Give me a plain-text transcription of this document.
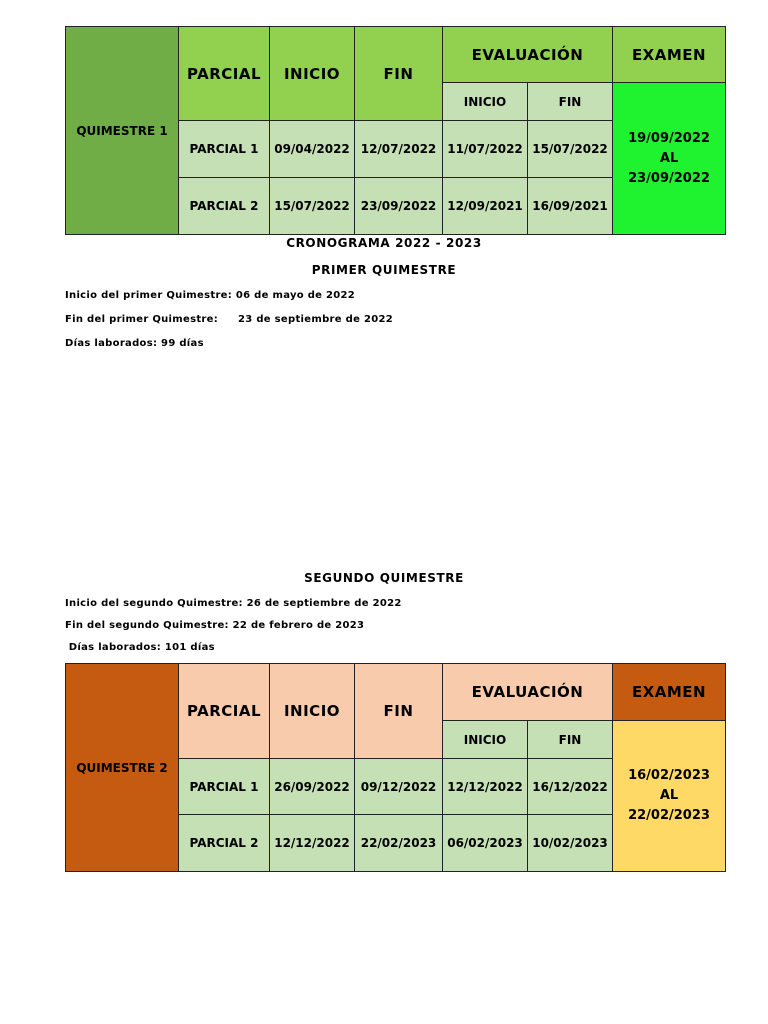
QUIMESTRE 1	PARCIAL	INICIO	FIN	EVALUACIÓN		EXAMEN
				INICIO	FIN	19/09/2022
AL
23/09/2022

	PARCIAL 1	09/04/2022	12/07/2022	11/07/2022	15/07/2022	
	PARCIAL 2	15/07/2022	23/09/2022	12/09/2021	16/09/2021	
CRONOGRAMA 2022 - 2023
PRIMER QUIMESTRE
Inicio del primer Quimestre: 06 de mayo de 2022
Fin del primer Quimestre: 23 de septiembre de 2022
Días laborados: 99 días
SEGUNDO QUIMESTRE
Inicio del segundo Quimestre: 26 de septiembre de 2022
Fin del segundo Quimestre: 22 de febrero de 2023
Días laborados: 101 días
QUIMESTRE 2	PARCIAL	INICIO	FIN	EVALUACIÓN		EXAMEN
				INICIO	FIN	16/02/2023
AL
22/02/2023

	PARCIAL 1	26/09/2022	09/12/2022	12/12/2022	16/12/2022	
	PARCIAL 2	12/12/2022	22/02/2023	06/02/2023	10/02/2023	
